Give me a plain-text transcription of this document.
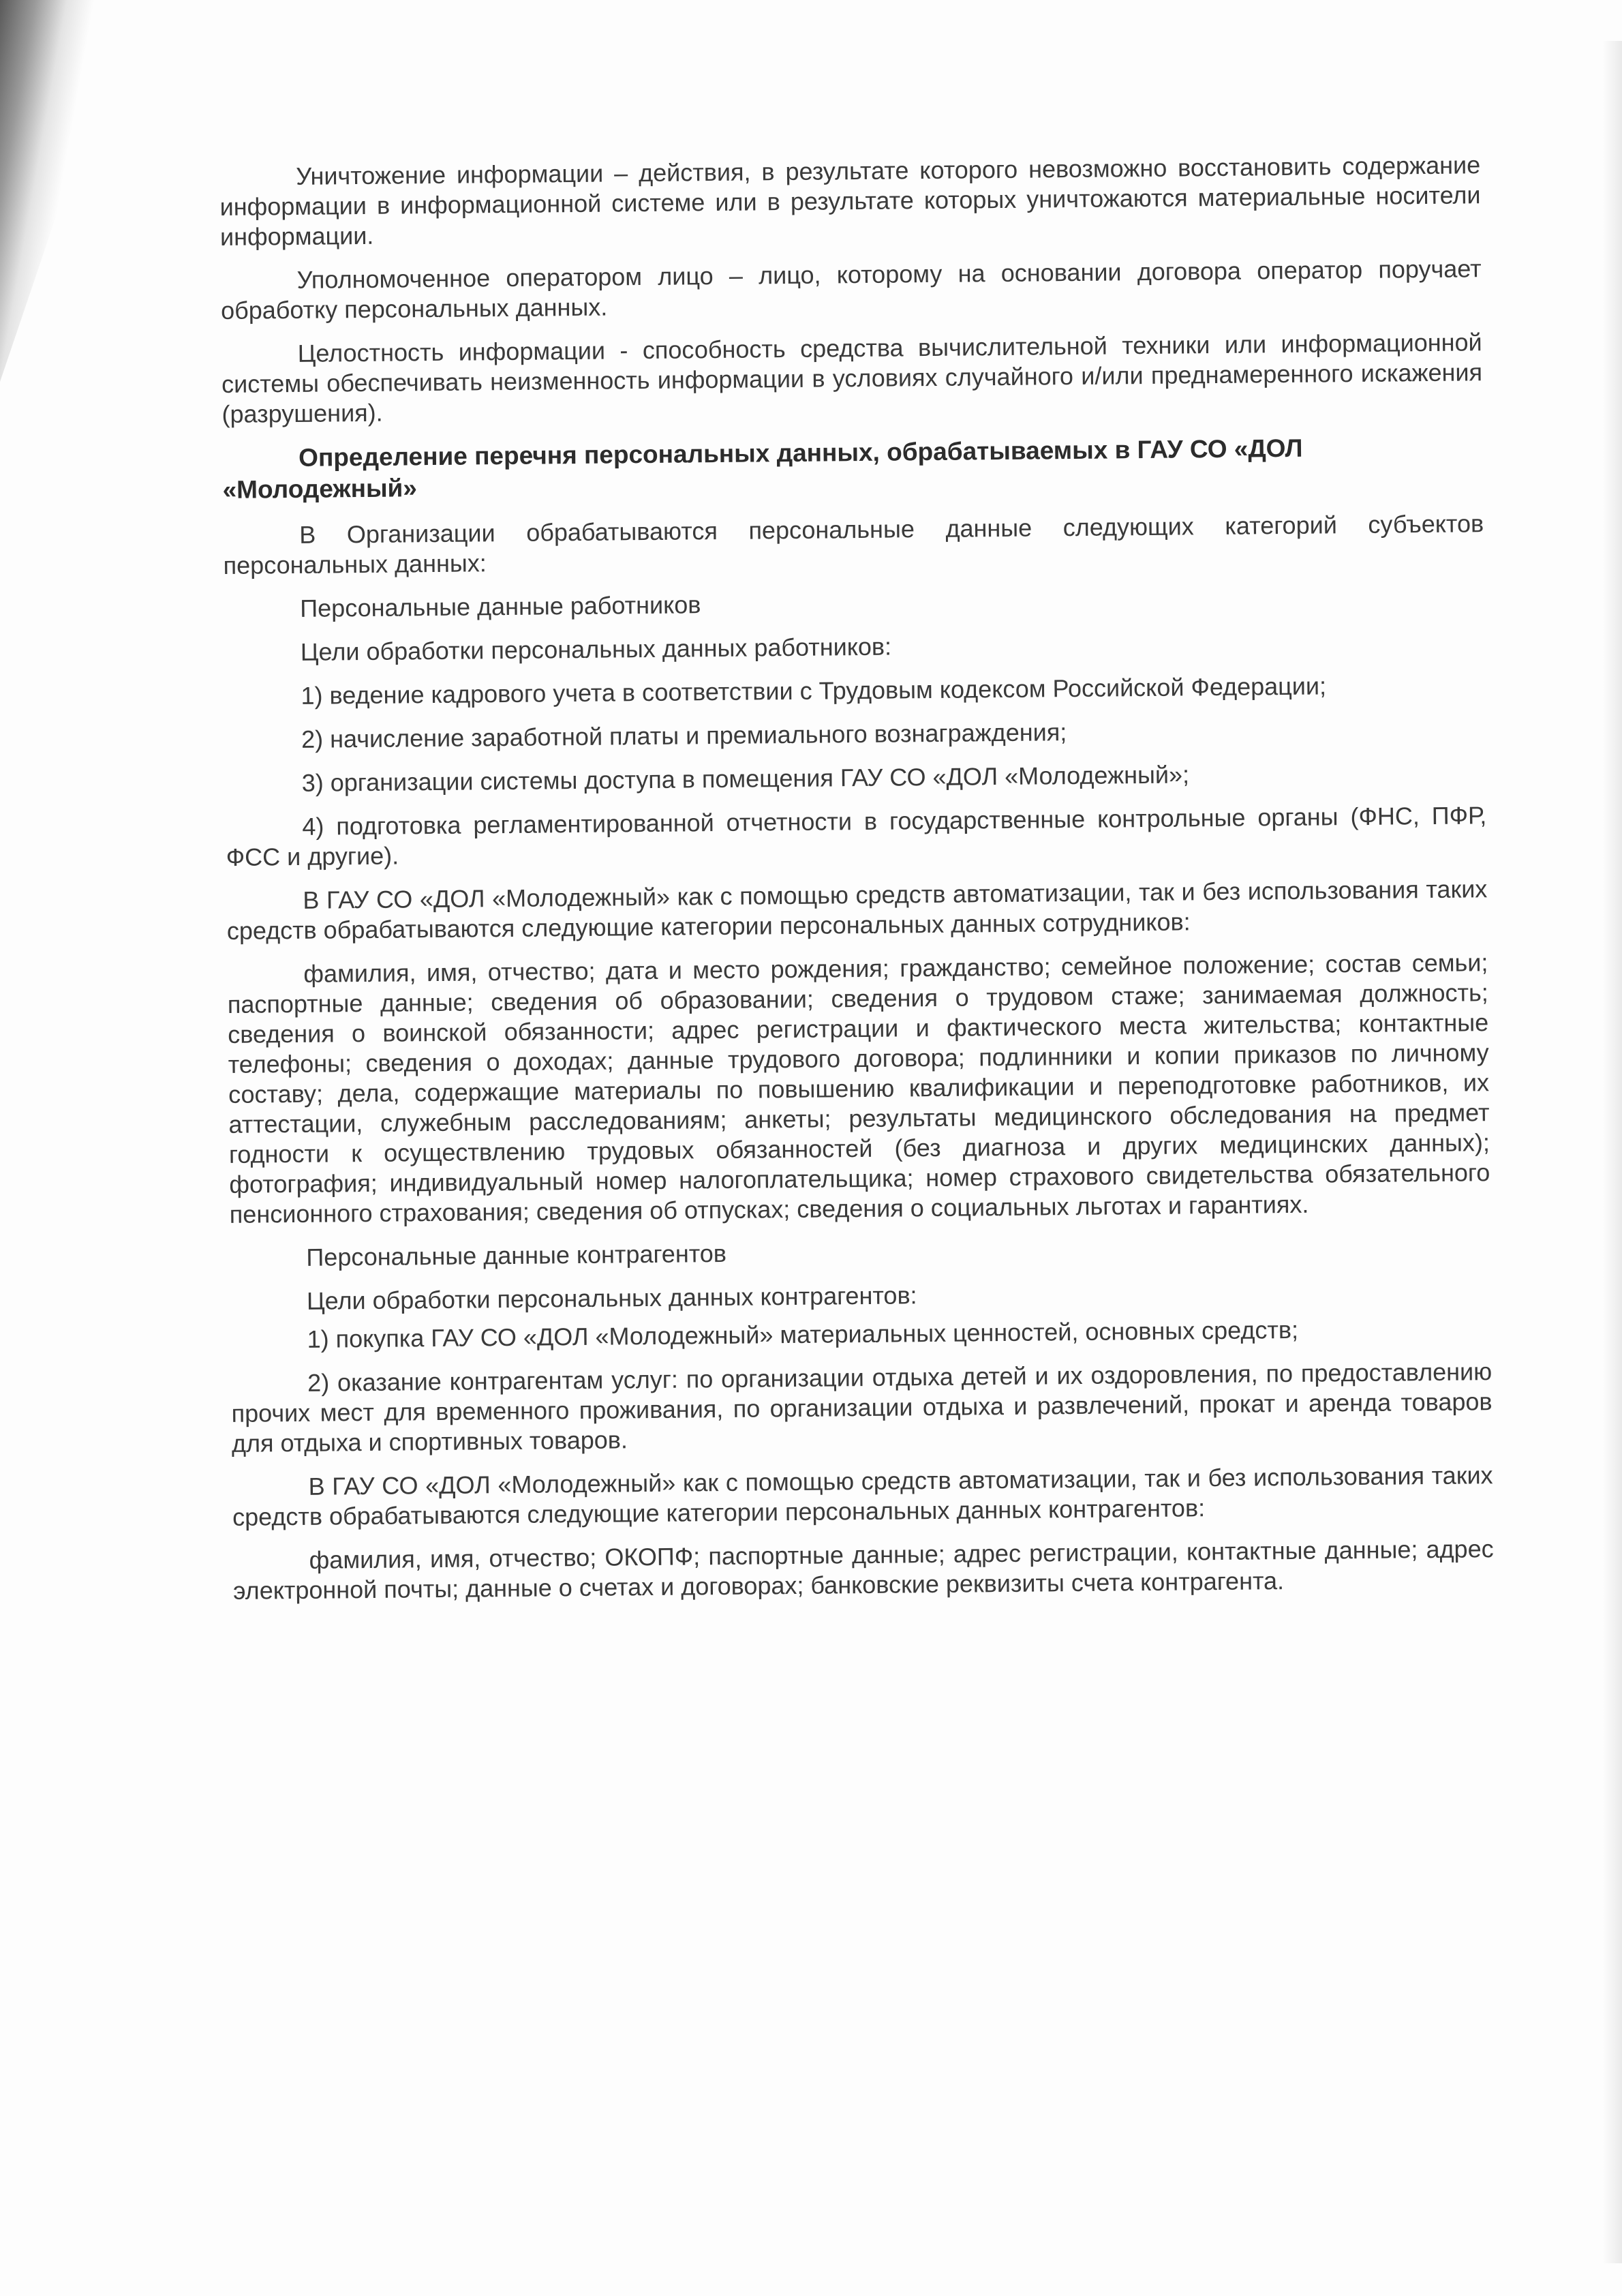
Уничтожение информации – действия, в результате которого невозможно восстановить содержание информации в информационной системе или в результате которых уничтожаются материальные носители информации.

Уполномоченное оператором лицо – лицо, которому на основании договора оператор поручает обработку персональных данных.

Целостность информации - способность средства вычислительной техники или информационной системы обеспечивать неизменность информации в условиях случайного и/или преднамеренного искажения (разрушения).

Определение перечня персональных данных, обрабатываемых в ГАУ СО «ДОЛ «Молодежный»

В Организации обрабатываются персональные данные следующих категорий субъектов персональных данных:

Персональные данные работников

Цели обработки персональных данных работников:

1) ведение кадрового учета в соответствии с Трудовым кодексом Российской Федерации;

2) начисление заработной платы и премиального вознаграждения;

3) организации системы доступа в помещения ГАУ СО «ДОЛ «Молодежный»;

4) подготовка регламентированной отчетности в государственные контрольные органы (ФНС, ПФР, ФСС и другие).

В ГАУ СО «ДОЛ «Молодежный» как с помощью средств автоматизации, так и без использования таких средств обрабатываются следующие категории персональных данных сотрудников:

фамилия, имя, отчество; дата и место рождения; гражданство; семейное положение; состав семьи; паспортные данные; сведения об образовании; сведения о трудовом стаже; занимаемая должность; сведения о воинской обязанности; адрес регистрации и фактического места жительства; контактные телефоны; сведения о доходах; данные трудового договора; подлинники и копии приказов по личному составу; дела, содержащие материалы по повышению квалификации и переподготовке работников, их аттестации, служебным расследованиям; анкеты; результаты медицинского обследования на предмет годности к осуществлению трудовых обязанностей (без диагноза и других медицинских данных); фотография; индивидуальный номер налогоплательщика; номер страхового свидетельства обязательного пенсионного страхования; сведения об отпусках; сведения о социальных льготах и гарантиях.

Персональные данные контрагентов

Цели обработки персональных данных контрагентов:

1) покупка ГАУ СО «ДОЛ «Молодежный» материальных ценностей, основных средств;

2) оказание контрагентам услуг: по организации отдыха детей и их оздоровления, по предоставлению прочих мест для временного проживания, по организации отдыха и развлечений, прокат и аренда товаров для отдыха и спортивных товаров.

В ГАУ СО «ДОЛ «Молодежный» как с помощью средств автоматизации, так и без использования таких средств обрабатываются следующие категории персональных данных контрагентов:

фамилия, имя, отчество; ОКОПФ; паспортные данные; адрес регистрации, контактные данные; адрес электронной почты; данные о счетах и договорах; банковские реквизиты счета контрагента.
